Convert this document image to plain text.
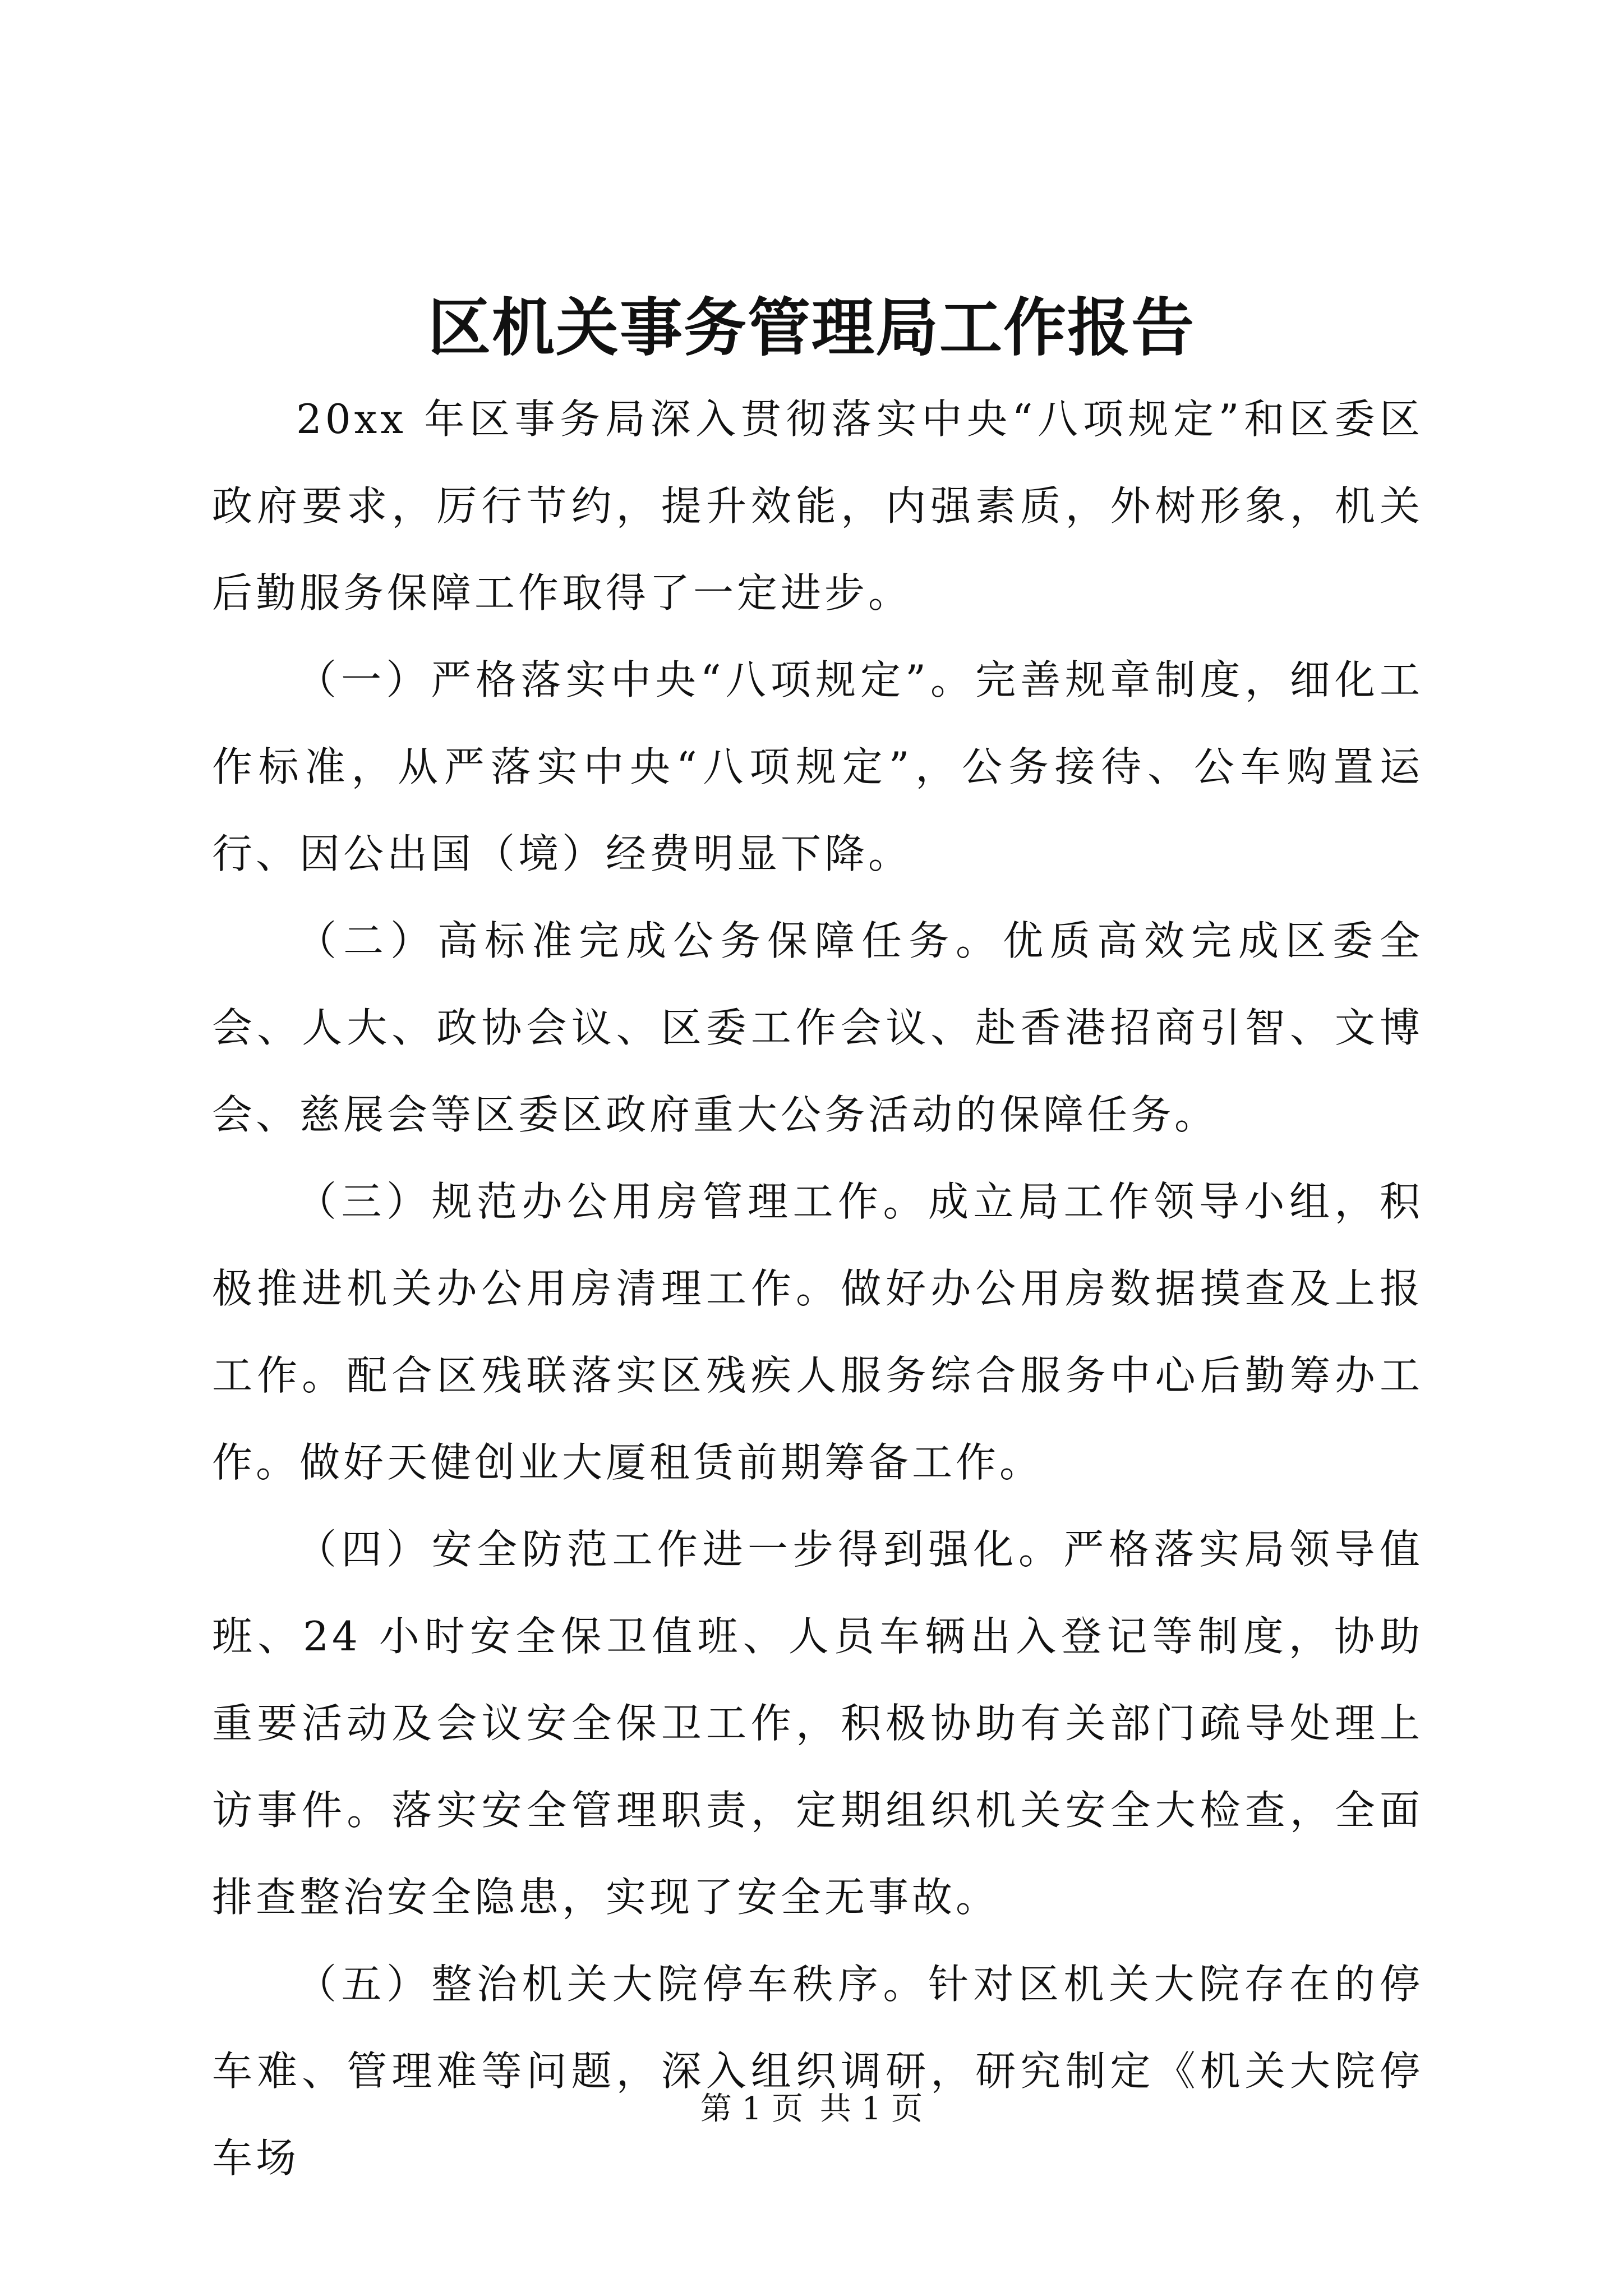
区机关事务管理局工作报告

20xx 年区事务局深入贯彻落实中央“八项规定”和区委区政府要求，厉行节约，提升效能，内强素质，外树形象，机关后勤服务保障工作取得了一定进步。

（一）严格落实中央“八项规定”。完善规章制度，细化工作标准，从严落实中央“八项规定”，公务接待、公车购置运行、因公出国（境）经费明显下降。

（二）高标准完成公务保障任务。优质高效完成区委全会、人大、政协会议、区委工作会议、赴香港招商引智、文博会、慈展会等区委区政府重大公务活动的保障任务。

（三）规范办公用房管理工作。成立局工作领导小组，积极推进机关办公用房清理工作。做好办公用房数据摸查及上报工作。配合区残联落实区残疾人服务综合服务中心后勤筹办工作。做好天健创业大厦租赁前期筹备工作。

（四）安全防范工作进一步得到强化。严格落实局领导值班、24 小时安全保卫值班、人员车辆出入登记等制度，协助重要活动及会议安全保卫工作，积极协助有关部门疏导处理上访事件。落实安全管理职责，定期组织机关安全大检查，全面排查整治安全隐患，实现了安全无事故。

（五）整治机关大院停车秩序。针对区机关大院存在的停车难、管理难等问题，深入组织调研，研究制定《机关大院停车场

第 1 页 共 1 页
